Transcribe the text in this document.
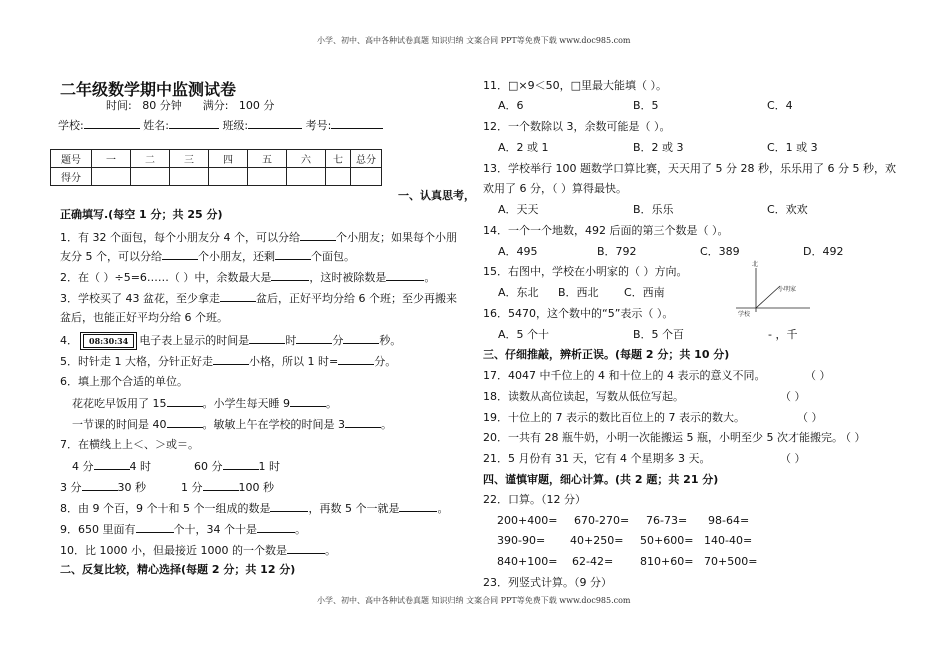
小学、初中、高中各种试卷真题 知识归纳 文案合同 PPT等免费下载 www.doc985.com
小学、初中、高中各种试卷真题 知识归纳 文案合同 PPT等免费下载 www.doc985.com
二年级数学期中监测试卷
时间: 80 分钟 满分: 100 分
学校:	姓名:	班级:	考号:
题号	一	二	三	四	五	六	七	总分
得分								
一、认真思考，
正确填写.(每空 1 分；共 25 分)
1．有 32 个面包，每个小朋友分 4 个，可以分给	个小朋友；如果每个小朋
友分 5 个，可以分给	个小朋友，还剩	个面包。
2．在（ ）÷5=6……（ ）中，余数最大是	，这时被除数是	。
3．学校买了 43 盆花，至少拿走	盆后，正好平均分给 6 个班；至少再搬来
盆后，也能正好平均分给 6 个班。
4． 08:30:34 电子表上显示的时间是	时	分	秒。
5．时针走 1 大格，分针正好走	小格，所以 1 时=	分。
6．填上那个合适的单位。
花花吃早饭用了 15	。小学生每天睡 9	。
一节课的时间是 40	。敏敏上午在学校的时间是 3	。
7．在横线上上＜、＞或＝。
4 分	4 时	60 分	1 时
3 分	30 秒	1 分	100 秒
8．由 9 个百，9 个十和 5 个一组成的数是	，再数 5 个一就是	。
9．650 里面有	个十，34 个十是	。
10．比 1000 小，但最接近 1000 的一个数是	。
二、反复比较，精心选择(每题 2 分；共 12 分)
11．□×9＜50，□里最大能填（ ）。
A．6	B．5	C．4
12．一个数除以 3，余数可能是（ ）。
A．2 或 1	B．2 或 3	C．1 或 3
13．学校举行 100 题数学口算比赛，天天用了 5 分 28 秒，乐乐用了 6 分 5 秒，欢
欢用了 6 分，（ ）算得最快。
A．天天	B．乐乐	C．欢欢
14．一个一个地数，492 后面的第三个数是（ ）。
A．495	B．792	C．389	D．492
15．右图中，学校在小明家的（ ）方向。
A．东北 B．西北 C．西南
北
小明家
学校
16．5470，这个数中的“5”表示（ ）。
A．5 个十	B．5 个百	- ，千
三、仔细推敲，辨析正误。(每题 2 分；共 10 分)
17．4047 中千位上的 4 和十位上的 4 表示的意义不同。	（ ）
18．读数从高位读起，写数从低位写起。	（ ）
19．十位上的 7 表示的数比百位上的 7 表示的数大。	（ ）
20．一共有 28 瓶牛奶，小明一次能搬运 5 瓶，小明至少 5 次才能搬完。
（ ）
21．5 月份有 31 天，它有 4 个星期多 3 天。	（ ）
四、谨慎审题，细心计算。(共 2 题；共 21 分)
22．口算。（12 分）
200+400= 670-270= 76-73= 98-64=
390-90= 40+250= 50+600= 140-40=
840+100= 62-42= 810+60= 70+500=
23．列竖式计算。（9 分）
